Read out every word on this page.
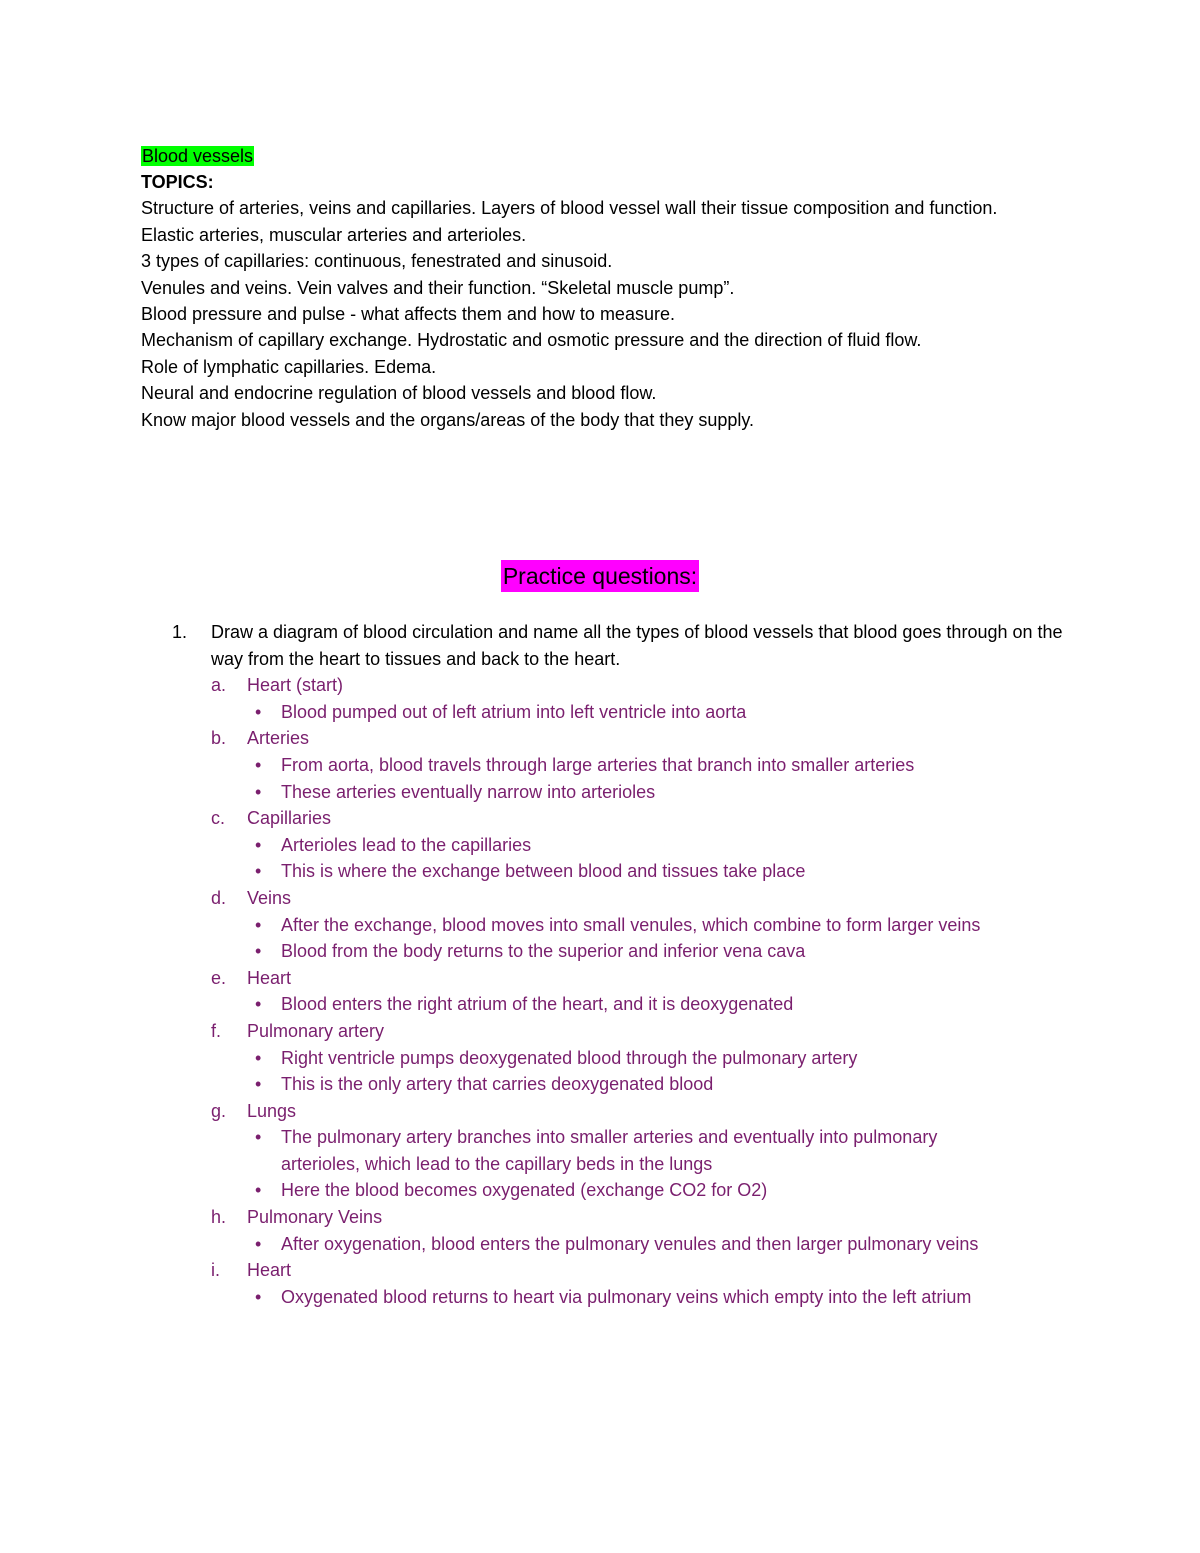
Blood vessels
TOPICS:
Structure of arteries, veins and capillaries. Layers of blood vessel wall their tissue composition and function.
Elastic arteries, muscular arteries and arterioles.
3 types of capillaries: continuous, fenestrated and sinusoid.
Venules and veins. Vein valves and their function. “Skeletal muscle pump”.
Blood pressure and pulse - what affects them and how to measure.
Mechanism of capillary exchange. Hydrostatic and osmotic pressure and the direction of fluid flow.
Role of lymphatic capillaries. Edema.
Neural and endocrine regulation of blood vessels and blood flow.
Know major blood vessels and the organs/areas of the body that they supply.
Practice questions:
1.	Draw a diagram of blood circulation and name all the types of blood vessels that blood goes through on the way from the heart to tissues and back to the heart.
a.	Heart (start)
•	Blood pumped out of left atrium into left ventricle into aorta
b.	Arteries
•	From aorta, blood travels through large arteries that branch into smaller arteries
•	These arteries eventually narrow into arterioles
c.	Capillaries
•	Arterioles lead to the capillaries
•	This is where the exchange between blood and tissues take place
d.	Veins
•	After the exchange, blood moves into small venules, which combine to form larger veins
•	Blood from the body returns to the superior and inferior vena cava
e.	Heart
•	Blood enters the right atrium of the heart, and it is deoxygenated
f.	Pulmonary artery
•	Right ventricle pumps deoxygenated blood through the pulmonary artery
•	This is the only artery that carries deoxygenated blood
g.	Lungs
•	The pulmonary artery branches into smaller arteries and eventually into pulmonary arterioles, which lead to the capillary beds in the lungs
•	Here the blood becomes oxygenated (exchange CO2 for O2)
h.	Pulmonary Veins
•	After oxygenation, blood enters the pulmonary venules and then larger pulmonary veins
i.	Heart
•	Oxygenated blood returns to heart via pulmonary veins which empty into the left atrium
